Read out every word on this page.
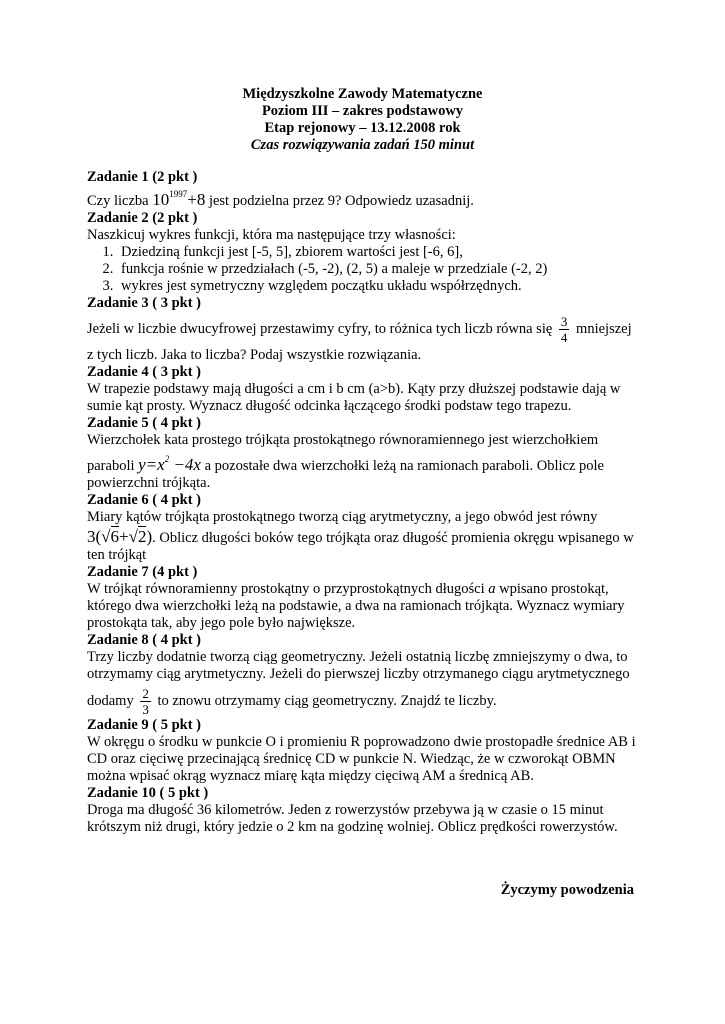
Międzyszkolne Zawody Matematyczne
Poziom III – zakres podstawowy
Etap rejonowy – 13.12.2008 rok
Czas rozwiązywania zadań 150 minut
Zadanie 1 (2 pkt )

Czy liczba $10^{1997}+8$ jest podzielna przez 9? Odpowiedz uzasadnij.

Zadanie 2 (2 pkt )

Naszkicuj wykres funkcji, która ma następujące trzy własności:

1. Dziedziną funkcji jest [-5, 5], zbiorem wartości jest [-6, 6],
2. funkcja rośnie w przedziałach (-5, -2), (2, 5) a maleje w przedziale (-2, 2)
3. wykres jest symetryczny względem początku układu współrzędnych.
Zadanie 3 ( 3 pkt )

Jeżeli w liczbie dwucyfrowej przestawimy cyfry, to różnica tych liczb równa się $\frac{3}{4}$ mniejszej

z tych liczb. Jaka to liczba? Podaj wszystkie rozwiązania.

Zadanie 4 ( 3 pkt )

W trapezie podstawy mają długości a cm i b cm (a>b). Kąty przy dłuższej podstawie dają w sumie kąt prosty. Wyznacz długość odcinka łączącego środki podstaw tego trapezu.

Zadanie 5 ( 4 pkt )

Wierzchołek kata prostego trójkąta prostokątnego równoramiennego jest wierzchołkiem

paraboli $y=x^2 -4x$ a pozostałe dwa wierzchołki leżą na ramionach paraboli. Oblicz pole powierzchni trójkąta.

Zadanie 6 ( 4 pkt )

Miary kątów trójkąta prostokątnego tworzą ciąg arytmetyczny, a jego obwód jest równy

3(√6+√2). Oblicz długości boków tego trójkąta oraz długość promienia okręgu wpisanego w ten trójkąt

Zadanie 7 (4 pkt )

W trójkąt równoramienny prostokątny o przyprostokątnych długości a wpisano prostokąt, którego dwa wierzchołki leżą na podstawie, a dwa na ramionach trójkąta. Wyznacz wymiary prostokąta tak, aby jego pole było największe.

Zadanie 8 ( 4 pkt )

Trzy liczby dodatnie tworzą ciąg geometryczny. Jeżeli ostatnią liczbę zmniejszymy o dwa, to otrzymamy ciąg arytmetyczny. Jeżeli do pierwszej liczby otrzymanego ciągu arytmetycznego

dodamy $\frac{2}{3}$ to znowu otrzymamy ciąg geometryczny. Znajdź te liczby.

Zadanie 9 ( 5 pkt )

W okręgu o środku w punkcie O i promieniu R poprowadzono dwie prostopadłe średnice AB i CD oraz cięciwę przecinającą średnicę CD w punkcie N. Wiedząc, że w czworokąt OBMN można wpisać okrąg wyznacz miarę kąta między cięciwą AM a średnicą AB.

Zadanie 10 ( 5 pkt )

Droga ma długość 36 kilometrów. Jeden z rowerzystów przebywa ją w czasie o 15 minut krótszym niż drugi, który jedzie o 2 km na godzinę wolniej. Oblicz prędkości rowerzystów.

Życzymy powodzenia
